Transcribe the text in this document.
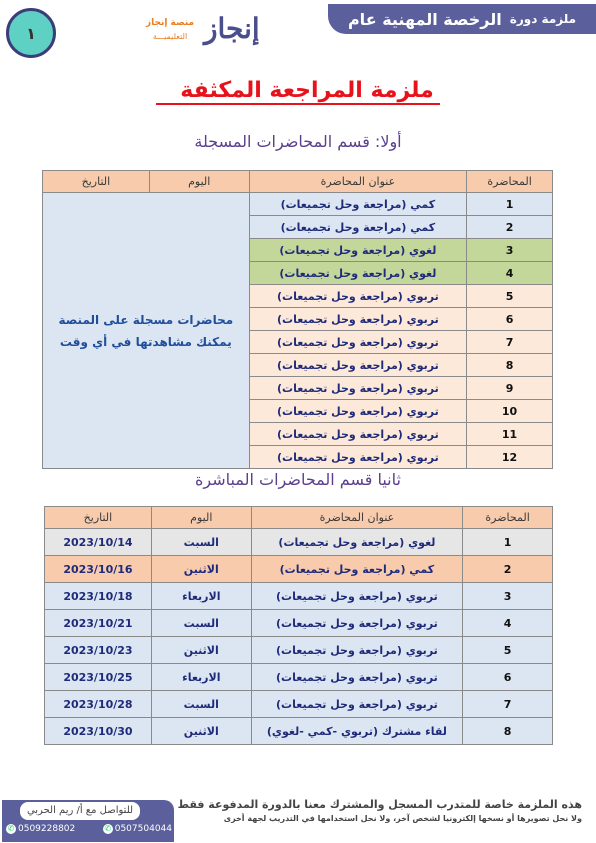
ملزمة دورة
الرخصة المهنية عام
إنجاز
منصة إنجاز
التعليميـــة
١
ملزمة المراجعة المكثفة
أولا: قسم المحاضرات المسجلة
المحاضرة	عنوان المحاضرة	اليوم	التاريخ
1	كمي (مراجعة وحل تجميعات)	محاضرات مسجلة على المنصة يمكنك مشاهدتها في أي وقت	
2	كمي (مراجعة وحل تجميعات)		
3	لغوي (مراجعة وحل تجميعات)		
4	لغوي (مراجعة وحل تجميعات)		
5	تربوي (مراجعة وحل تجميعات)		
6	تربوي (مراجعة وحل تجميعات)		
7	تربوي (مراجعة وحل تجميعات)		
8	تربوي (مراجعة وحل تجميعات)		
9	تربوي (مراجعة وحل تجميعات)		
10	تربوي (مراجعة وحل تجميعات)		
11	تربوي (مراجعة وحل تجميعات)		
12	تربوي (مراجعة وحل تجميعات)		
ثانيا قسم المحاضرات المباشرة
المحاضرة	عنوان المحاضرة	اليوم	التاريخ
1	لغوي (مراجعة وحل تجميعات)	السبت	2023/10/14
2	كمي (مراجعة وحل تجميعات)	الاثنين	2023/10/16
3	تربوي (مراجعة وحل تجميعات)	الاربعاء	2023/10/18
4	تربوي (مراجعة وحل تجميعات)	السبت	2023/10/21
5	تربوي (مراجعة وحل تجميعات)	الاثنين	2023/10/23
6	تربوي (مراجعة وحل تجميعات)	الاربعاء	2023/10/25
7	تربوي (مراجعة وحل تجميعات)	السبت	2023/10/28
8	لقاء مشترك (تربوي -كمي -لغوي)	الاثنين	2023/10/30
هذه الملزمة خاصة للمتدرب المسجل والمشترك معنا بالدورة المدفوعة فقط
ولا نحل تصويرها أو نسخها إلكترونيا لشخص آخر، ولا نحل استخدامها في التدريب لجهة أخرى
للتواصل مع أ/ ريم الحربي
✆ 0509228802	✆ 0507504044
